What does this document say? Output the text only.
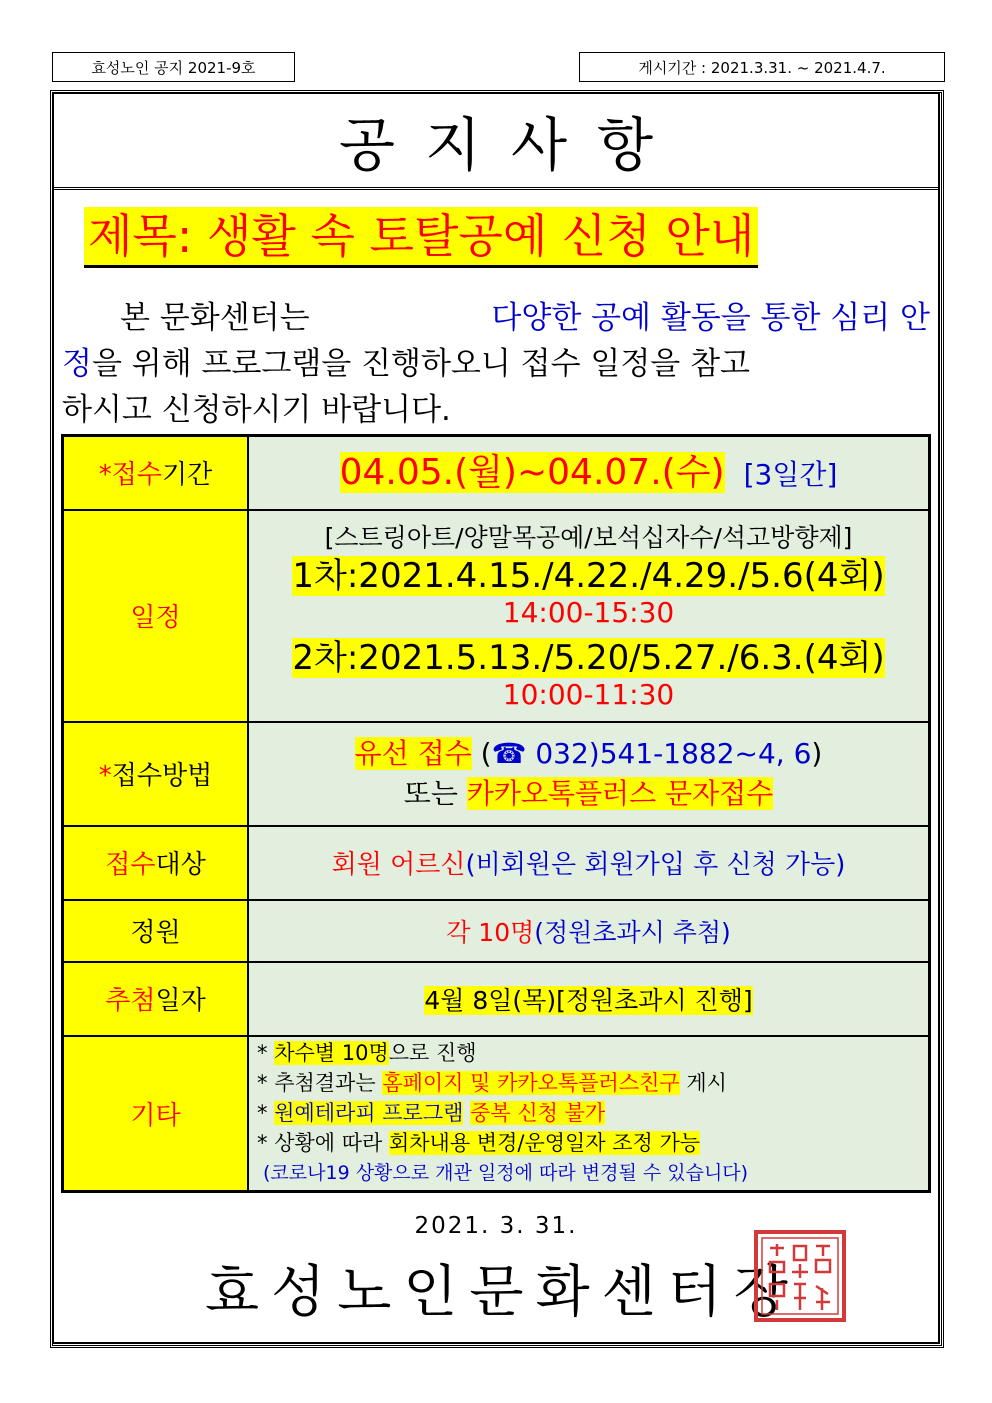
효성노인 공지 2021-9호	게시기간 : 2021.3.31. ~ 2021.4.7.
공지사항
제목: 생활 속 토탈공예 신청 안내
본 문화센터는	다양한 공예 활동을 통한 심리 안
정을 위해 프로그램을 진행하오니 접수 일정을 참고
하시고 신청하시기 바랍니다.
*접수기간	04.05.(월)~04.07.(수) [3일간]
일정	[스트링아트/양말목공예/보석십자수/석고방향제]
1차:2021.4.15./4.22./4.29./5.6(4회)
14:00-15:30
2차:2021.5.13./5.20/5.27./6.3.(4회)
10:00-11:30

*접수방법	유선 접수 (☎ 032)541-1882~4, 6)
또는 카카오톡플러스 문자접수

접수대상	회원 어르신(비회원은 회원가입 후 신청 가능)
정원	각 10명(정원초과시 추첨)
추첨일자	4월 8일(목)[정원초과시 진행]
기타	* 차수별 10명으로 진행
* 추첨결과는 홈페이지 및 카카오톡플러스친구 게시
* 원예테라피 프로그램 중복 신청 불가
* 상황에 따라 회차내용 변경/운영일자 조정 가능
(코로나19 상황으로 개관 일정에 따라 변경될 수 있습니다)
2021. 3. 31.
효성노인문화센터장
